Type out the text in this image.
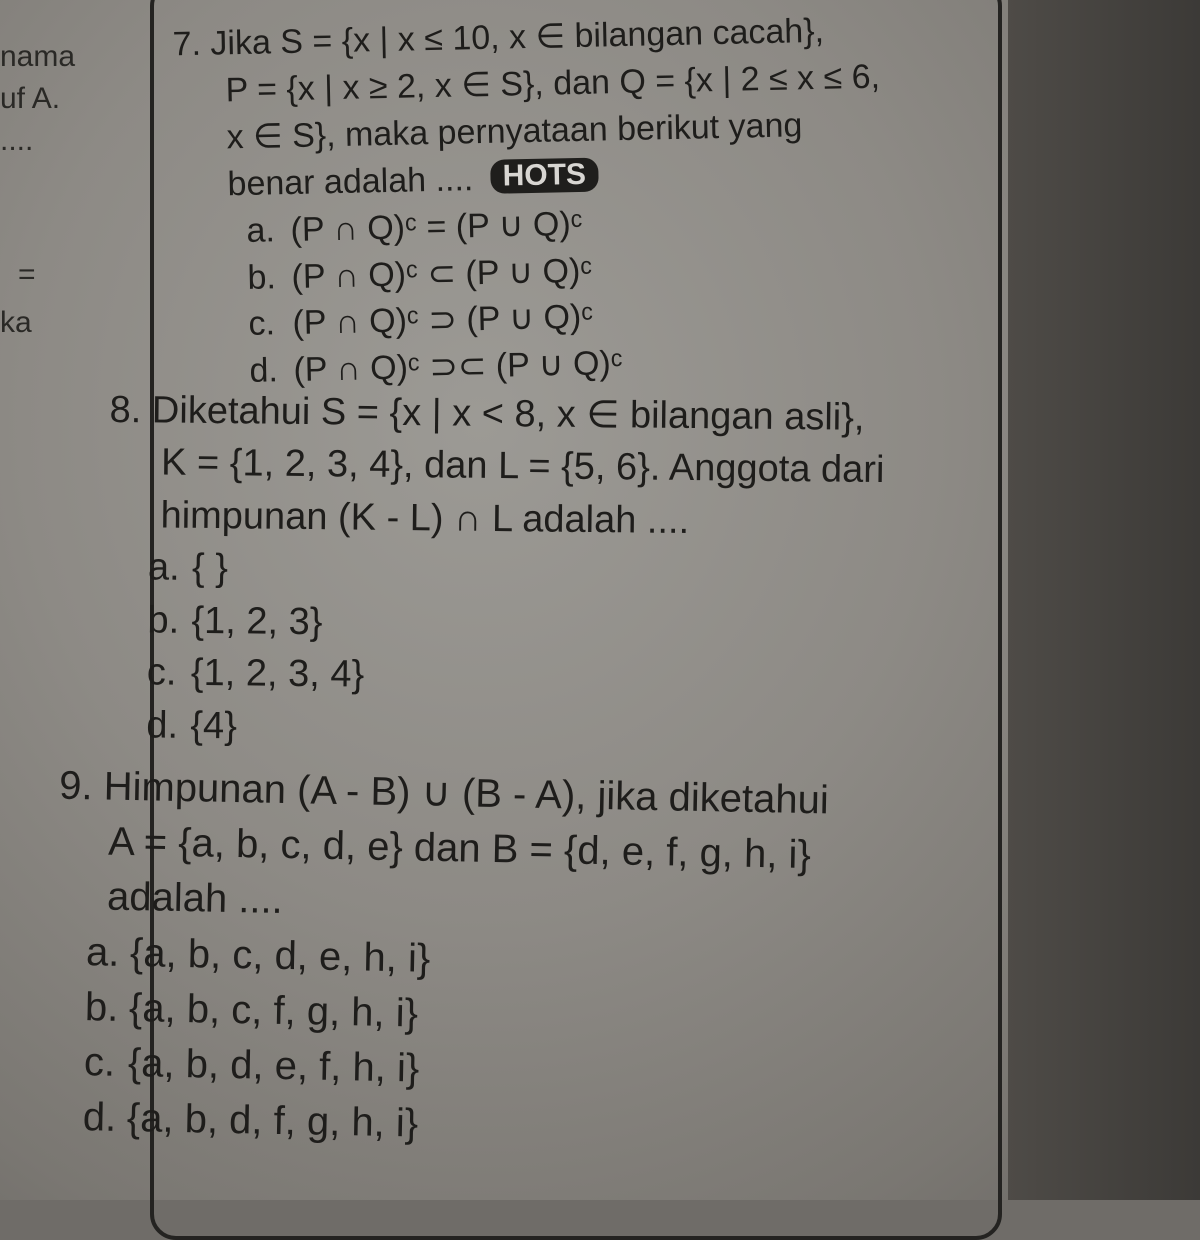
nama
uf A.
....
=
ka
7. Jika S = {x | x ≤ 10, x ∈ bilangan cacah},
P = {x | x ≥ 2, x ∈ S}, dan Q = {x | 2 ≤ x ≤ 6,
x ∈ S}, maka pernyataan berikut yang
benar adalah .... HOTS
a. (P ∩ Q)ᶜ = (P ∪ Q)ᶜ
b. (P ∩ Q)ᶜ ⊂ (P ∪ Q)ᶜ
c. (P ∩ Q)ᶜ ⊃ (P ∪ Q)ᶜ
d. (P ∩ Q)ᶜ ⊃⊂ (P ∪ Q)ᶜ
8. Diketahui S = {x | x < 8, x ∈ bilangan asli},
K = {1, 2, 3, 4}, dan L = {5, 6}. Anggota dari
himpunan (K - L) ∩ L adalah ....
a. { }
b. {1, 2, 3}
c. {1, 2, 3, 4}
d. {4}
9. Himpunan (A - B) ∪ (B - A), jika diketahui
A = {a, b, c, d, e} dan B = {d, e, f, g, h, i}
adalah ....
a. {a, b, c, d, e, h, i}
b. {a, b, c, f, g, h, i}
c. {a, b, d, e, f, h, i}
d. {a, b, d, f, g, h, i}
